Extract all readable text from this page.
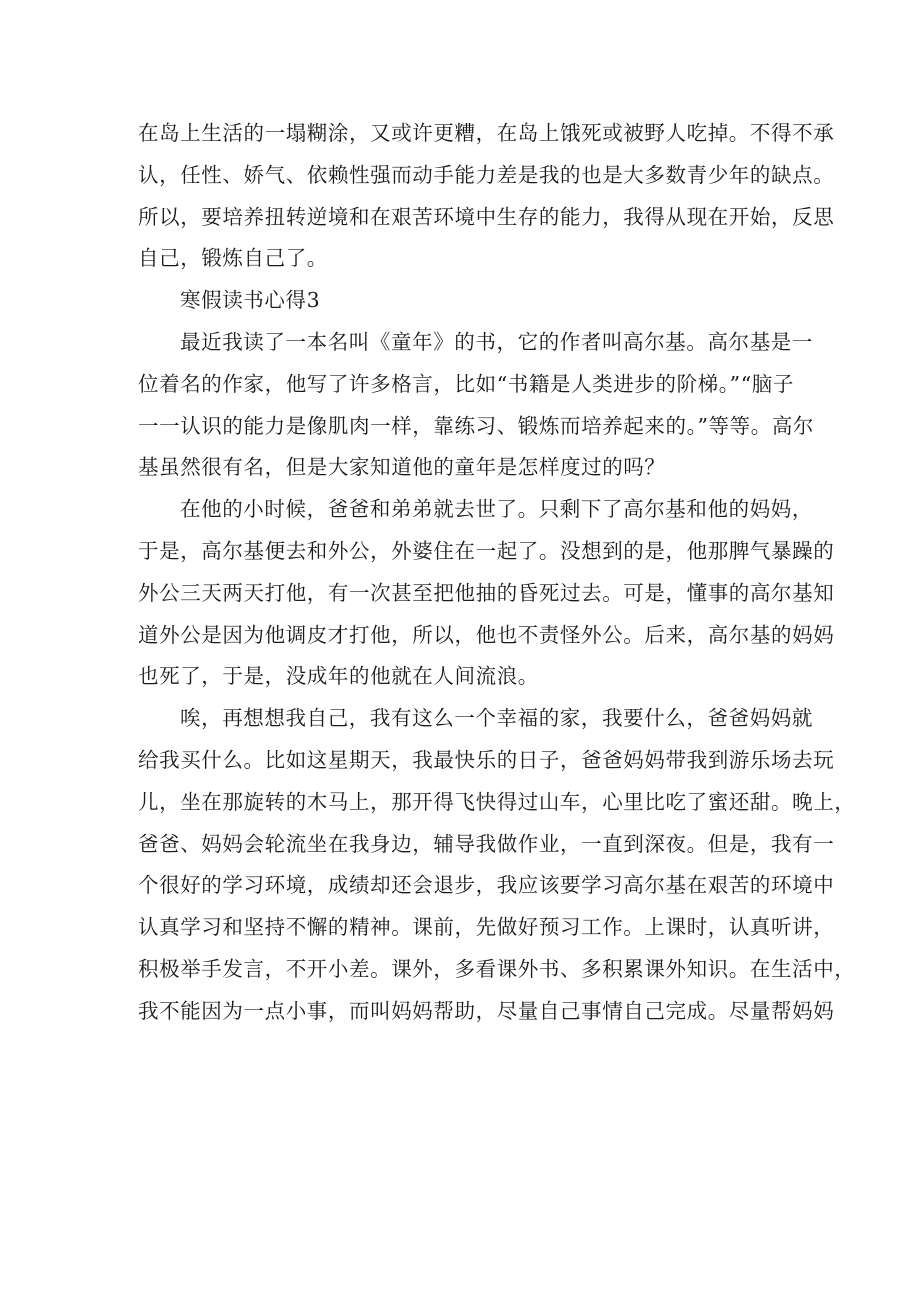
在岛上生活的一塌糊涂，又或许更糟，在岛上饿死或被野人吃掉。不得不承
认，任性、娇气、依赖性强而动手能力差是我的也是大多数青少年的缺点。
所以，要培养扭转逆境和在艰苦环境中生存的能力，我得从现在开始，反思
自己，锻炼自己了。
寒假读书心得3
最近我读了一本名叫《童年》的书，它的作者叫高尔基。高尔基是一
位着名的作家，他写了许多格言，比如“书籍是人类进步的阶梯。”“脑子
一一认识的能力是像肌肉一样，靠练习、锻炼而培养起来的。”等等。高尔
基虽然很有名，但是大家知道他的童年是怎样度过的吗？
在他的小时候，爸爸和弟弟就去世了。只剩下了高尔基和他的妈妈，
于是，高尔基便去和外公，外婆住在一起了。没想到的是，他那脾气暴躁的
外公三天两天打他，有一次甚至把他抽的昏死过去。可是，懂事的高尔基知
道外公是因为他调皮才打他，所以，他也不责怪外公。后来，高尔基的妈妈
也死了，于是，没成年的他就在人间流浪。
唉，再想想我自己，我有这么一个幸福的家，我要什么，爸爸妈妈就
给我买什么。比如这星期天，我最快乐的日子，爸爸妈妈带我到游乐场去玩
儿，坐在那旋转的木马上，那开得飞快得过山车，心里比吃了蜜还甜。晚上，
爸爸、妈妈会轮流坐在我身边，辅导我做作业，一直到深夜。但是，我有一
个很好的学习环境，成绩却还会退步，我应该要学习高尔基在艰苦的环境中
认真学习和坚持不懈的精神。课前，先做好预习工作。上课时，认真听讲，
积极举手发言，不开小差。课外，多看课外书、多积累课外知识。在生活中，
我不能因为一点小事，而叫妈妈帮助，尽量自己事情自己完成。尽量帮妈妈
